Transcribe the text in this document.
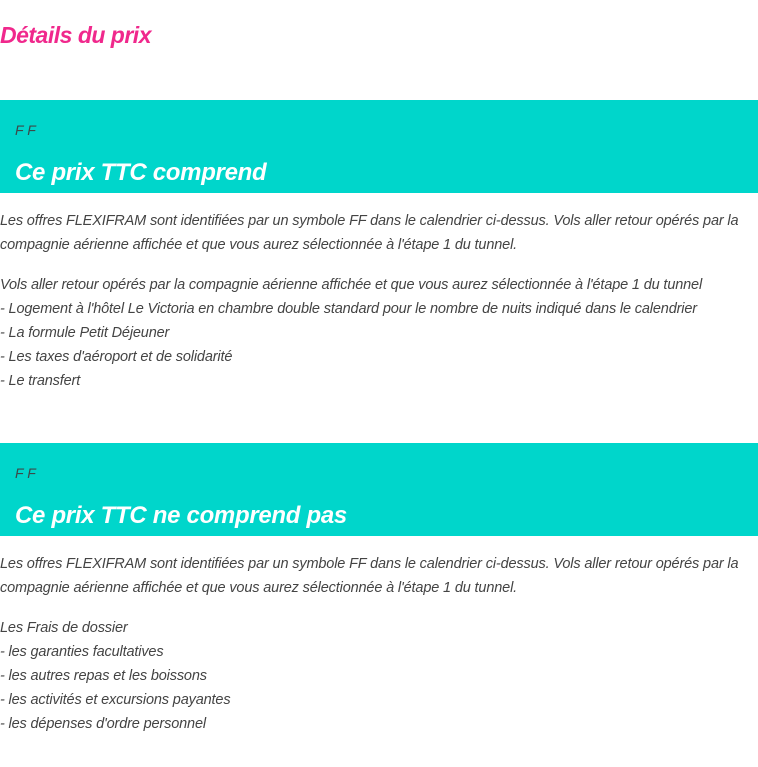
Détails du prix
F F
Ce prix TTC comprend

Les offres FLEXIFRAM sont identifiées par un symbole FF dans le calendrier ci-dessus. Vols aller retour opérés par la
compagnie aérienne affichée et que vous aurez sélectionnée à l'étape 1 du tunnel.

Vols aller retour opérés par la compagnie aérienne affichée et que vous aurez sélectionnée à l'étape 1 du tunnel
- Logement à l'hôtel Le Victoria en chambre double standard pour le nombre de nuits indiqué dans le calendrier
- La formule Petit Déjeuner
- Les taxes d'aéroport et de solidarité
- Le transfert
F F
Ce prix TTC ne comprend pas

Les offres FLEXIFRAM sont identifiées par un symbole FF dans le calendrier ci-dessus. Vols aller retour opérés par la
compagnie aérienne affichée et que vous aurez sélectionnée à l'étape 1 du tunnel.

Les Frais de dossier
- les garanties facultatives
- les autres repas et les boissons
- les activités et excursions payantes
- les dépenses d'ordre personnel
